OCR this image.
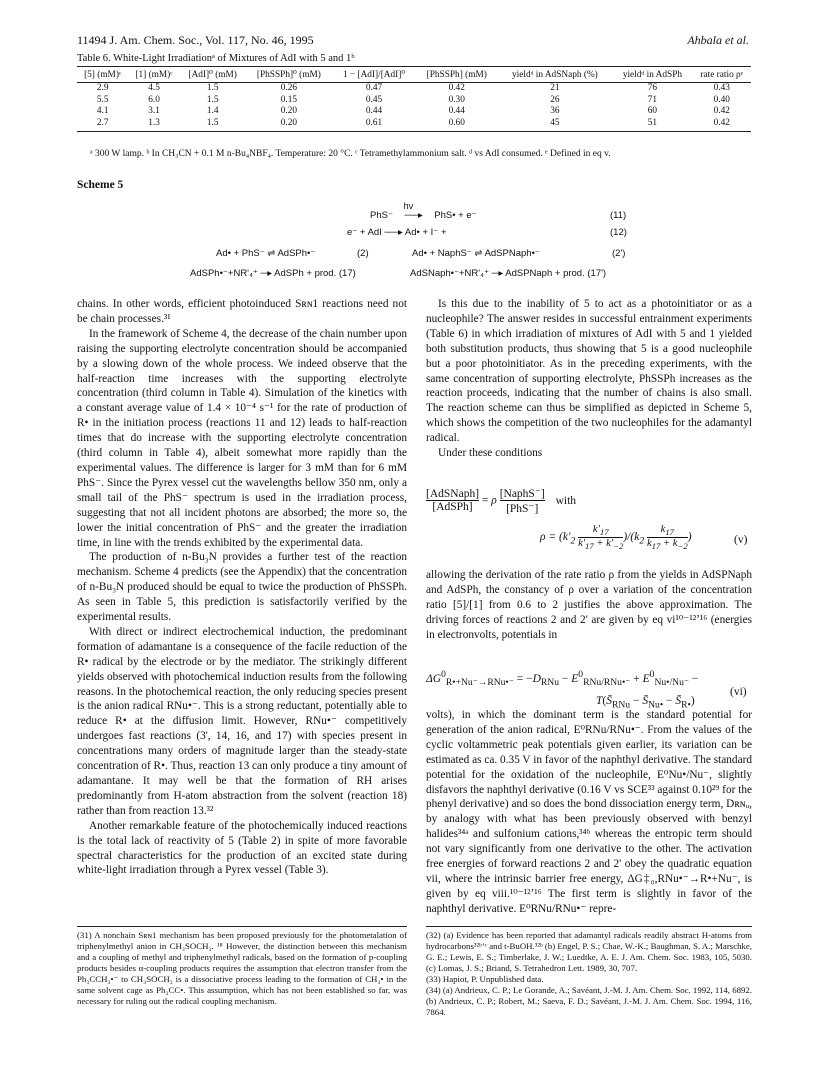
11494 J. Am. Chem. Soc., Vol. 117, No. 46, 1995	Ahbala et al.
Table 6. White-Light Irradiationᵃ of Mixtures of AdI with 5 and 1ᵇ
[5] (mM)ᶜ	[1] (mM)ᶜ	[AdI]⁰ (mM)	[PhSSPh]⁰ (mM)	1 − [AdI]/[AdI]⁰	[PhSSPh] (mM)	yieldᵈ in AdSNaph (%)	yieldᵈ in AdSPh	rate ratio ρᵉ
2.9	4.5	1.5	0.26	0.47	0.42	21	76	0.43
5.5	6.0	1.5	0.15	0.45	0.30	26	71	0.40
4.1	3.1	1.4	0.20	0.44	0.44	36	60	0.42
2.7	1.3	1.5	0.20	0.61	0.60	45	51	0.42
ᵃ 300 W lamp. ᵇ In CH₃CN + 0.1 M n-Bu₄NBF₄. Temperature: 20 °C. ᶜ Tetramethylammonium salt. ᵈ vs AdI consumed. ᵉ Defined in eq v.
Scheme 5
PhS⁻
hν
──▸ PhS• + e⁻	(11)
e⁻ + AdI ──▸ Ad• + I⁻ +	(12)
Ad• + PhS⁻ ⇌ AdSPh•⁻	(2)	Ad• + NaphS⁻ ⇌ AdSPNaph•⁻	(2')
AdSPh•⁻+NR'₄⁺ ─▸ AdSPh + prod. (17)	AdSNaph•⁻+NR'₄⁺ ─▸ AdSPNaph + prod. (17')

chains. In other words, efficient photoinduced Sʀɴ1 reactions need not be chain processes.³¹

In the framework of Scheme 4, the decrease of the chain number upon raising the supporting electrolyte concentration should be accompanied by a slowing down of the whole process. We indeed observe that the half-reaction time increases with the supporting electrolyte concentration (third column in Table 4). Simulation of the kinetics with a constant average value of 1.4 × 10⁻⁴ s⁻¹ for the rate of production of R• in the initiation process (reactions 11 and 12) leads to half-reaction times that do increase with the supporting electrolyte concentration (third column in Table 4), albeit somewhat more rapidly than the experimental values. The difference is larger for 3 mM than for 6 mM PhS⁻. Since the Pyrex vessel cut the wavelengths bellow 350 nm, only a small tail of the PhS⁻ spectrum is used in the irradiation process, suggesting that not all incident photons are absorbed; the more so, the lower the initial concentration of PhS⁻ and the greater the irradiation time, in line with the trends exhibited by the experimental data.

The production of n-Bu₃N provides a further test of the reaction mechanism. Scheme 4 predicts (see the Appendix) that the concentration of n-Bu₃N produced should be equal to twice the production of PhSSPh. As seen in Table 5, this prediction is satisfactorily verified by the experimental results.

With direct or indirect electrochemical induction, the predominant formation of adamantane is a consequence of the facile reduction of the R• radical by the electrode or by the mediator. The strikingly different yields observed with photochemical induction results from the following reasons. In the photochemical reaction, the only reducing species present is the anion radical RNu•⁻. This is a strong reductant, potentially able to reduce R• at the diffusion limit. However, RNu•⁻ competitively undergoes fast reactions (3', 14, 16, and 17) with species present in concentrations many orders of magnitude larger than the steady-state concentration of R•. Thus, reaction 13 can only produce a tiny amount of adamantane. It may well be that the formation of RH arises predominantly from H-atom abstraction from the solvent (reaction 18) rather than from reaction 13.³²

Another remarkable feature of the photochemically induced reactions is the total lack of reactivity of 5 (Table 2) in spite of more favorable spectral characteristics for the production of an excited state during white-light irradiation through a Pyrex vessel (Table 3).

Is this due to the inability of 5 to act as a photoinitiator or as a nucleophile? The answer resides in successful entrainment experiments (Table 6) in which irradiation of mixtures of AdI with 5 and 1 yielded both substitution products, thus showing that 5 is a good nucleophile but a poor photoinitiator. As in the preceding experiments, with the same concentration of supporting electrolyte, PhSSPh increases as the reaction proceeds, indicating that the number of chains is also small. The reaction scheme can thus be simplified as depicted in Scheme 5, which shows the competition of the two nucleophiles for the adamantyl radical.

Under these conditions

[AdSNaph]
[AdSPh]
= ρ
[NaphS⁻]
[PhS⁻]
with
$\rho = (k'_2 \frac{k'_{17}}{k'_{17} + k'_{-2}} )/(k_2 \frac{k_{17}}{k_{17} + k_{-2}}$ )	(v)

allowing the derivation of the rate ratio ρ from the yields in AdSPNaph and AdSPh, the constancy of ρ over a variation of the concentration ratio [5]/[1] from 0.6 to 2 justifies the above approximation. The driving forces of reactions 2 and 2' are given by eq vi¹⁰⁻¹²ʼ¹⁶ (energies in electronvolts, potentials in

$\Delta G^0_{R•+Nu^-\to RNu•^-} = -D_{RNu} - E^0_{RNu/RNu•^-} + E^0_{Nu•/Nu^-}$ −
$T(S̄_{RNu}$ − $S̄_{Nu•}$ − $S̄_{R•}$)
(vi)

volts), in which the dominant term is the standard potential for generation of the anion radical, E⁰RNu/RNu•⁻. From the values of the cyclic voltammetric peak potentials given earlier, its variation can be estimated as ca. 0.35 V in favor of the naphthyl derivative. The standard potential for the oxidation of the nucleophile, E⁰Nu•/Nu⁻, slightly disfavors the naphthyl derivative (0.16 V vs SCE³³ against 0.10²⁹ for the phenyl derivative) and so does the bond dissociation energy term, Dʀɴᵤ, by analogy with what has been previously observed with benzyl halides³⁴ᵃ and sulfonium cations,³⁴ᵇ whereas the entropic term should not vary significantly from one derivative to the other. The activation free energies of forward reactions 2 and 2' obey the quadratic equation vii, where the intrinsic barrier free energy, ΔG‡₀,RNu•⁻→R•+Nu⁻, is given by eq viii.¹⁰⁻¹²ʼ¹⁶ The first term is slightly in favor of the naphthyl derivative. E⁰RNu/RNu•⁻ repre-

(31) A nonchain Sʀɴ1 mechanism has been proposed previously for the photometalation of triphenylmethyl anion in CH₃SOCH₃. ¹⁸ However, the distinction between this mechanism and a coupling of methyl and triphenylmethyl radicals, based on the formation of p-coupling products besides α-coupling products requires the assumption that electron transfer from the Ph₃CCH₃•⁻ to CH₃SOCH₃ is a dissociative process leading to the formation of CH₃• in the same solvent cage as Ph₃CC•. This assumption, which has not been established so far, was necessary for ruling out the radical coupling mechanism.
(32) (a) Evidence has been reported that adamantyl radicals readily abstract H-atoms from hydrocarbons³²ᵇʼᶜ and t-BuOH.³²ᵇ (b) Engel, P. S.; Chae, W.-K.; Baughman, S. A.; Marschke, G. E.; Lewis, E. S.; Timberlake, J. W.; Luedtke, A. E. J. Am. Chem. Soc. 1983, 105, 5030. (c) Lomas, J. S.; Briand, S. Tetrahedron Lett. 1989, 30, 707.
(33) Hapiot, P. Unpublished data.
(34) (a) Andrieux, C. P.; Le Gorande, A.; Savéant, J.-M. J. Am. Chem. Soc. 1992, 114, 6892. (b) Andrieux, C. P.; Robert, M.; Saeva, F. D.; Savéant, J.-M. J. Am. Chem. Soc. 1994, 116, 7864.
